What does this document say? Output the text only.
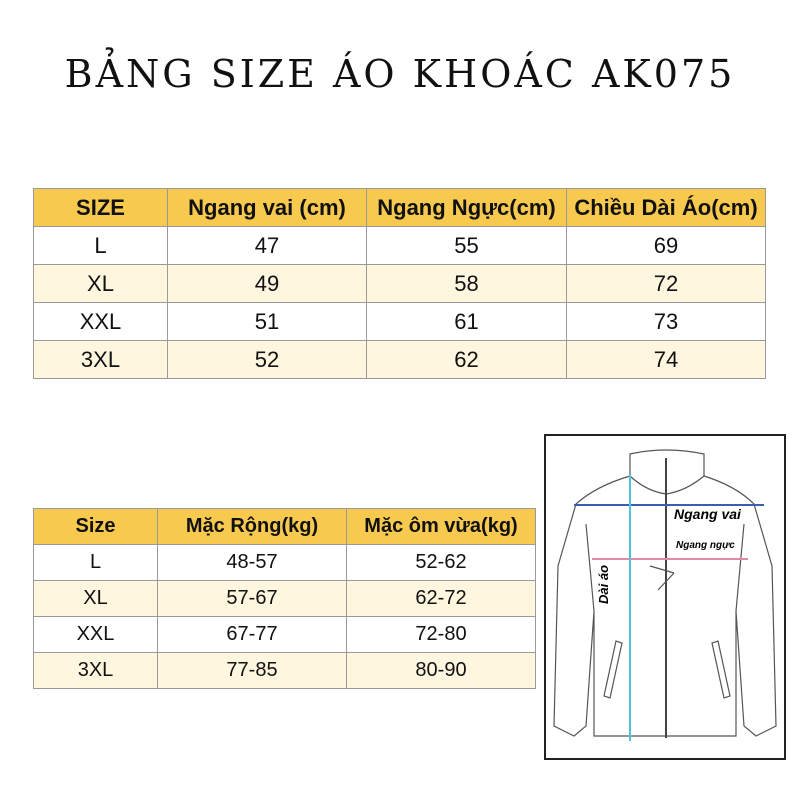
BẢNG SIZE ÁO KHOÁC AK075
SIZE	Ngang vai (cm)	Ngang Ngực(cm)	Chiều Dài Áo(cm)
L	47	55	69
XL	49	58	72
XXL	51	61	73
3XL	52	62	74
Size	Mặc Rộng(kg)	Mặc ôm vừa(kg)
L	48-57	52-62
XL	57-67	62-72
XXL	67-77	72-80
3XL	77-85	80-90
Ngang vai
Ngang ngực
Dài áo
